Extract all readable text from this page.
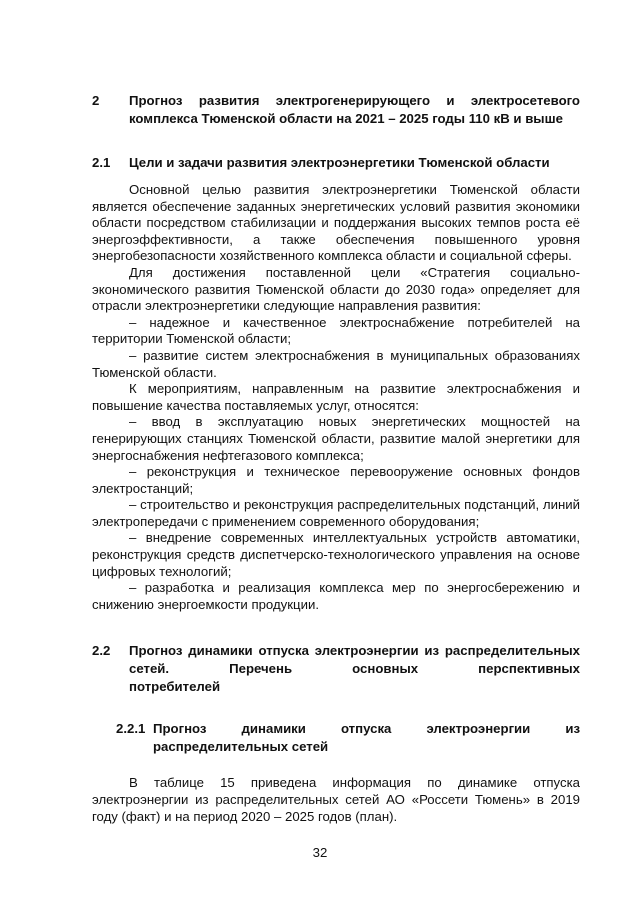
2	Прогноз развития электрогенерирующего и электросетевого комплекса Тюменской области на 2021 – 2025 годы 110 кВ и выше
2.1	Цели и задачи развития электроэнергетики Тюменской области

Основной целью развития электроэнергетики Тюменской области является обеспечение заданных энергетических условий развития экономики области посредством стабилизации и поддержания высоких темпов роста её энергоэффективности, а также обеспечения повышенного уровня энергобезопасности хозяйственного комплекса области и социальной сферы.

Для достижения поставленной цели «Стратегия социально-экономического развития Тюменской области до 2030 года» определяет для отрасли электроэнергетики следующие направления развития:

– надежное и качественное электроснабжение потребителей на территории Тюменской области;

– развитие систем электроснабжения в муниципальных образованиях Тюменской области.

К мероприятиям, направленным на развитие электроснабжения и повышение качества поставляемых услуг, относятся:

– ввод в эксплуатацию новых энергетических мощностей на генерирующих станциях Тюменской области, развитие малой энергетики для энергоснабжения нефтегазового комплекса;

– реконструкция и техническое перевооружение основных фондов электростанций;

– строительство и реконструкция распределительных подстанций, линий электропередачи с применением современного оборудования;

– внедрение современных интеллектуальных устройств автоматики, реконструкция средств диспетчерско-технологического управления на основе цифровых технологий;

– разработка и реализация комплекса мер по энергосбережению и снижению энергоемкости продукции.

2.2	Прогноз динамики отпуска электроэнергии из распределительных сетей. Перечень основных перспективных
потребителей
2.2.1 Прогноз динамики отпуска электроэнергии из
распределительных сетей

В таблице 15 приведена информация по динамике отпуска электроэнергии из распределительных сетей АО «Россети Тюмень» в 2019 году (факт) и на период 2020 – 2025 годов (план).

32
